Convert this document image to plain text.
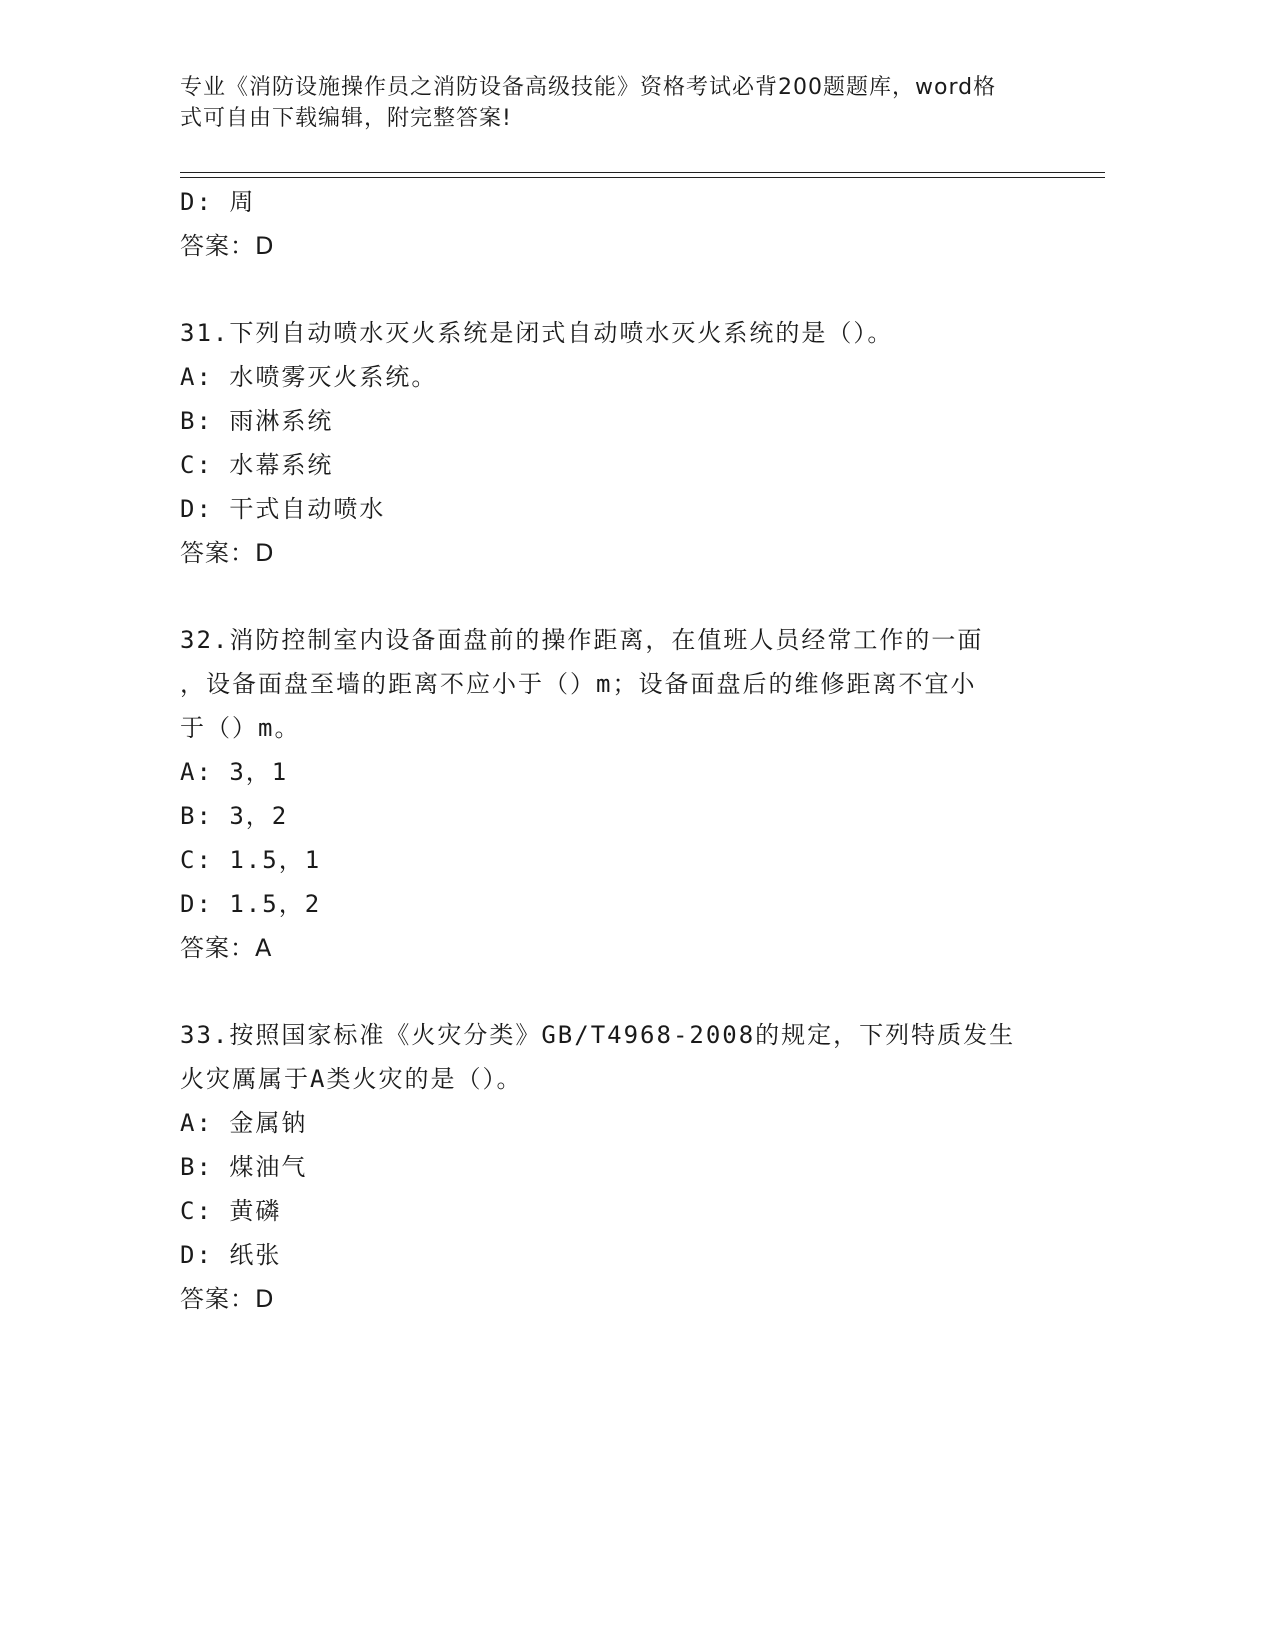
专业《消防设施操作员之消防设备高级技能》资格考试必背200题题库，word格
式可自由下载编辑，附完整答案!
D: 周
答案：D
31.下列自动喷水灭火系统是闭式自动喷水灭火系统的是（）。
A: 水喷雾灭火系统。
B: 雨淋系统
C: 水幕系统
D: 干式自动喷水
答案：D
32.消防控制室内设备面盘前的操作距离，在值班人员经常工作的一面
，设备面盘至墙的距离不应小于（）m；设备面盘后的维修距离不宜小
于（）m。
A: 3，1
B: 3，2
C: 1.5，1
D: 1.5，2
答案：A
33.按照国家标准《火灾分类》GB/T4968-2008的规定，下列特质发生
火灾厲属于A类火灾的是（）。
A: 金属钠
B: 煤油气
C: 黄磷
D: 纸张
答案：D
